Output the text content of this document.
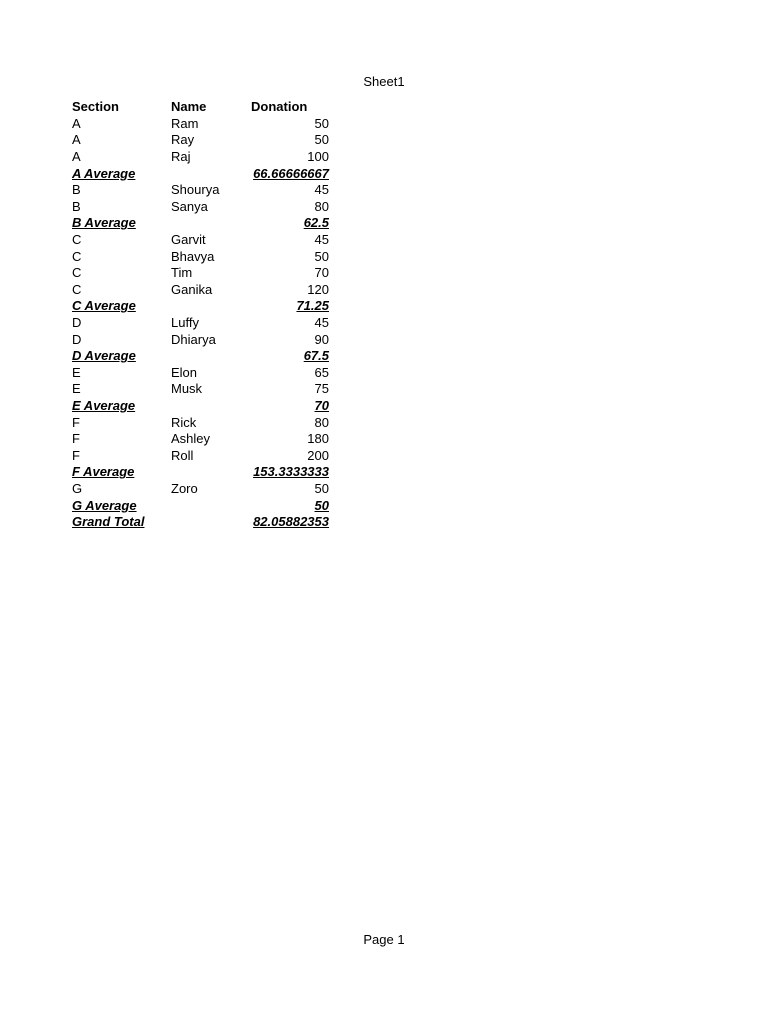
Sheet1
Section	Name	Donation
A	Ram	50
A	Ray	50
A	Raj	100
A Average		66.66666667
B	Shourya	45
B	Sanya	80
B Average		62.5
C	Garvit	45
C	Bhavya	50
C	Tim	70
C	Ganika	120
C Average		71.25
D	Luffy	45
D	Dhiarya	90
D Average		67.5
E	Elon	65
E	Musk	75
E Average		70
F	Rick	80
F	Ashley	180
F	Roll	200
F Average		153.3333333
G	Zoro	50
G Average		50
Grand Total		82.05882353
Page 1
